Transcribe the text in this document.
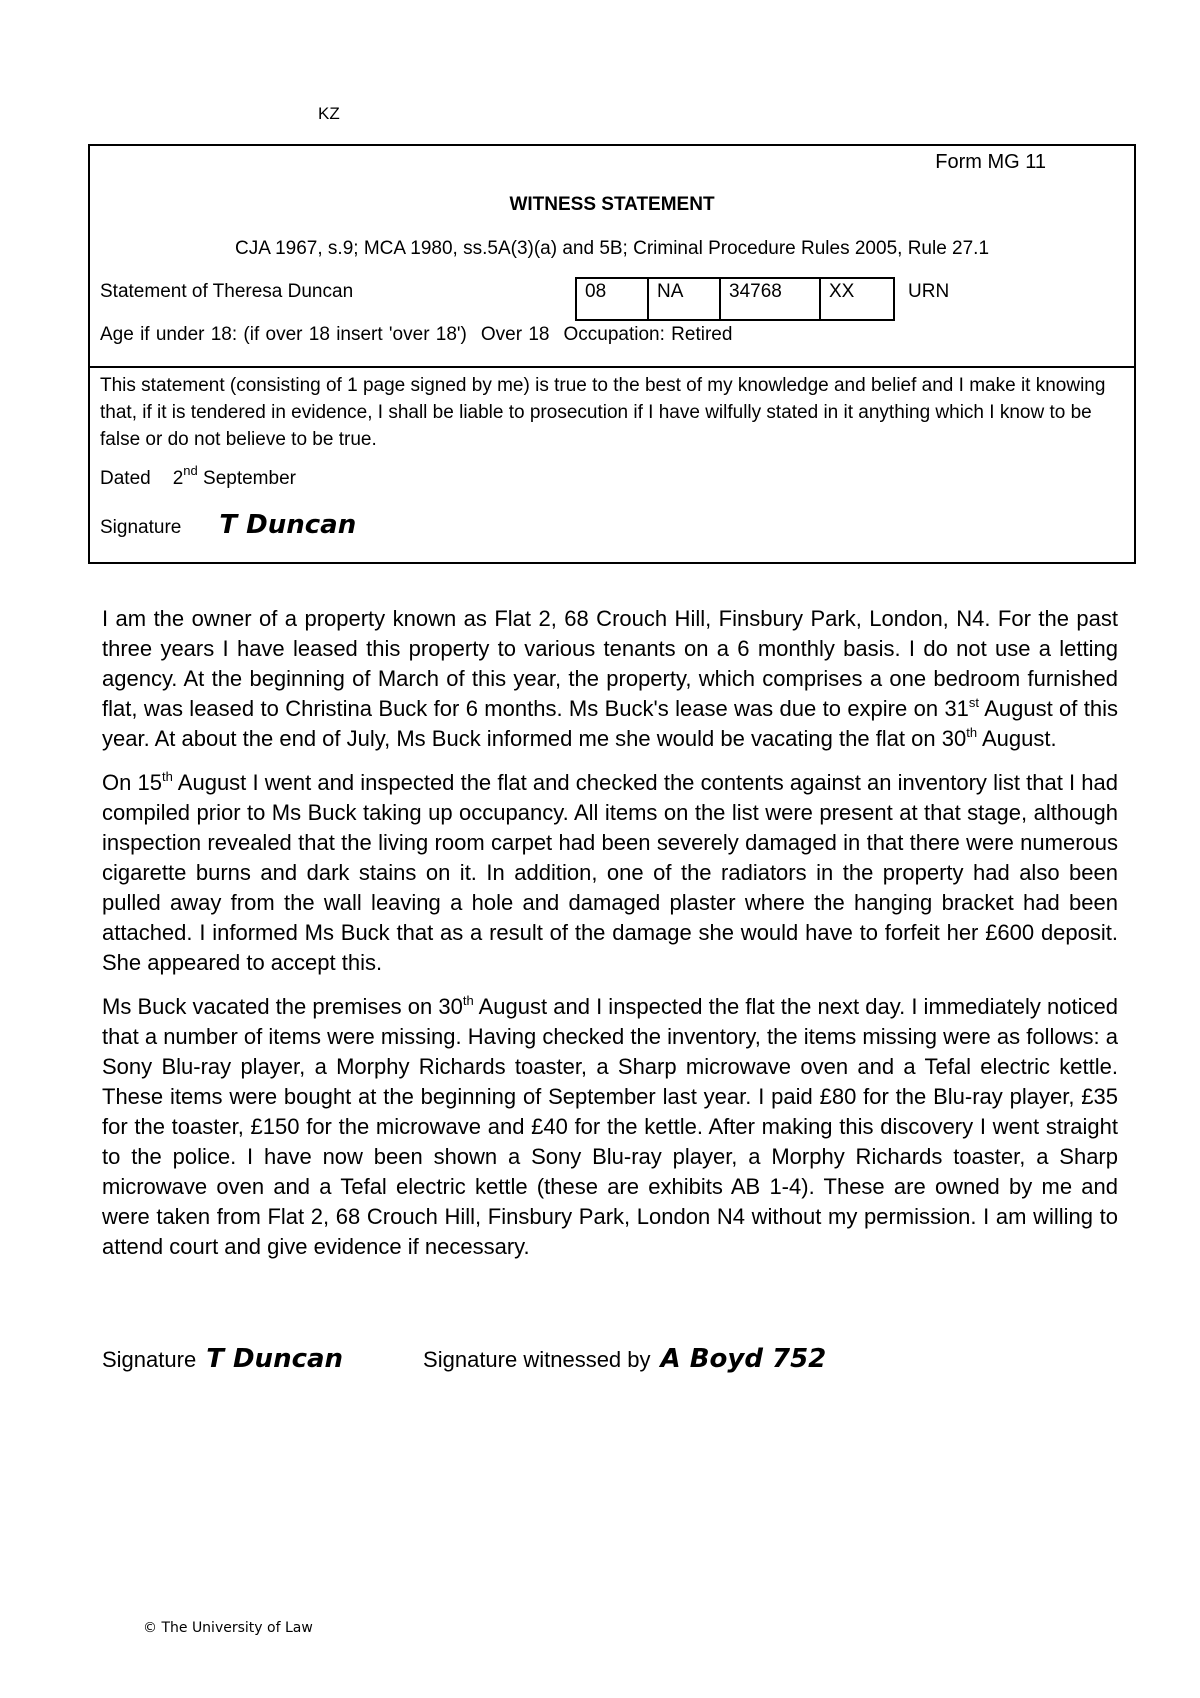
KZ
Form MG 11
WITNESS STATEMENT
CJA 1967, s.9; MCA 1980, ss.5A(3)(a) and 5B; Criminal Procedure Rules 2005, Rule 27.1
Statement of Theresa Duncan	08	NA	34768	XX	URN
Age if under 18: (if over 18 insert 'over 18') Over 18 Occupation: Retired
This statement (consisting of 1 page signed by me) is true to the best of my knowledge and belief and I make it knowing that, if it is tendered in evidence, I shall be liable to prosecution if I have wilfully stated in it anything which I know to be false or do not believe to be true.
Dated 2nd September
Signature T Duncan

I am the owner of a property known as Flat 2, 68 Crouch Hill, Finsbury Park, London, N4. For the past three years I have leased this property to various tenants on a 6 monthly basis. I do not use a letting agency. At the beginning of March of this year, the property, which comprises a one bedroom furnished flat, was leased to Christina Buck for 6 months. Ms Buck's lease was due to expire on 31st August of this year. At about the end of July, Ms Buck informed me she would be vacating the flat on 30th August.

On 15th August I went and inspected the flat and checked the contents against an inventory list that I had compiled prior to Ms Buck taking up occupancy. All items on the list were present at that stage, although inspection revealed that the living room carpet had been severely damaged in that there were numerous cigarette burns and dark stains on it. In addition, one of the radiators in the property had also been pulled away from the wall leaving a hole and damaged plaster where the hanging bracket had been attached. I informed Ms Buck that as a result of the damage she would have to forfeit her £600 deposit. She appeared to accept this.

Ms Buck vacated the premises on 30th August and I inspected the flat the next day. I immediately noticed that a number of items were missing. Having checked the inventory, the items missing were as follows: a Sony Blu-ray player, a Morphy Richards toaster, a Sharp microwave oven and a Tefal electric kettle. These items were bought at the beginning of September last year. I paid £80 for the Blu-ray player, £35 for the toaster, £150 for the microwave and £40 for the kettle. After making this discovery I went straight to the police. I have now been shown a Sony Blu-ray player, a Morphy Richards toaster, a Sharp microwave oven and a Tefal electric kettle (these are exhibits AB 1-4). These are owned by me and were taken from Flat 2, 68 Crouch Hill, Finsbury Park, London N4 without my permission. I am willing to attend court and give evidence if necessary.

Signature T Duncan	Signature witnessed by A Boyd 752
© The University of Law
